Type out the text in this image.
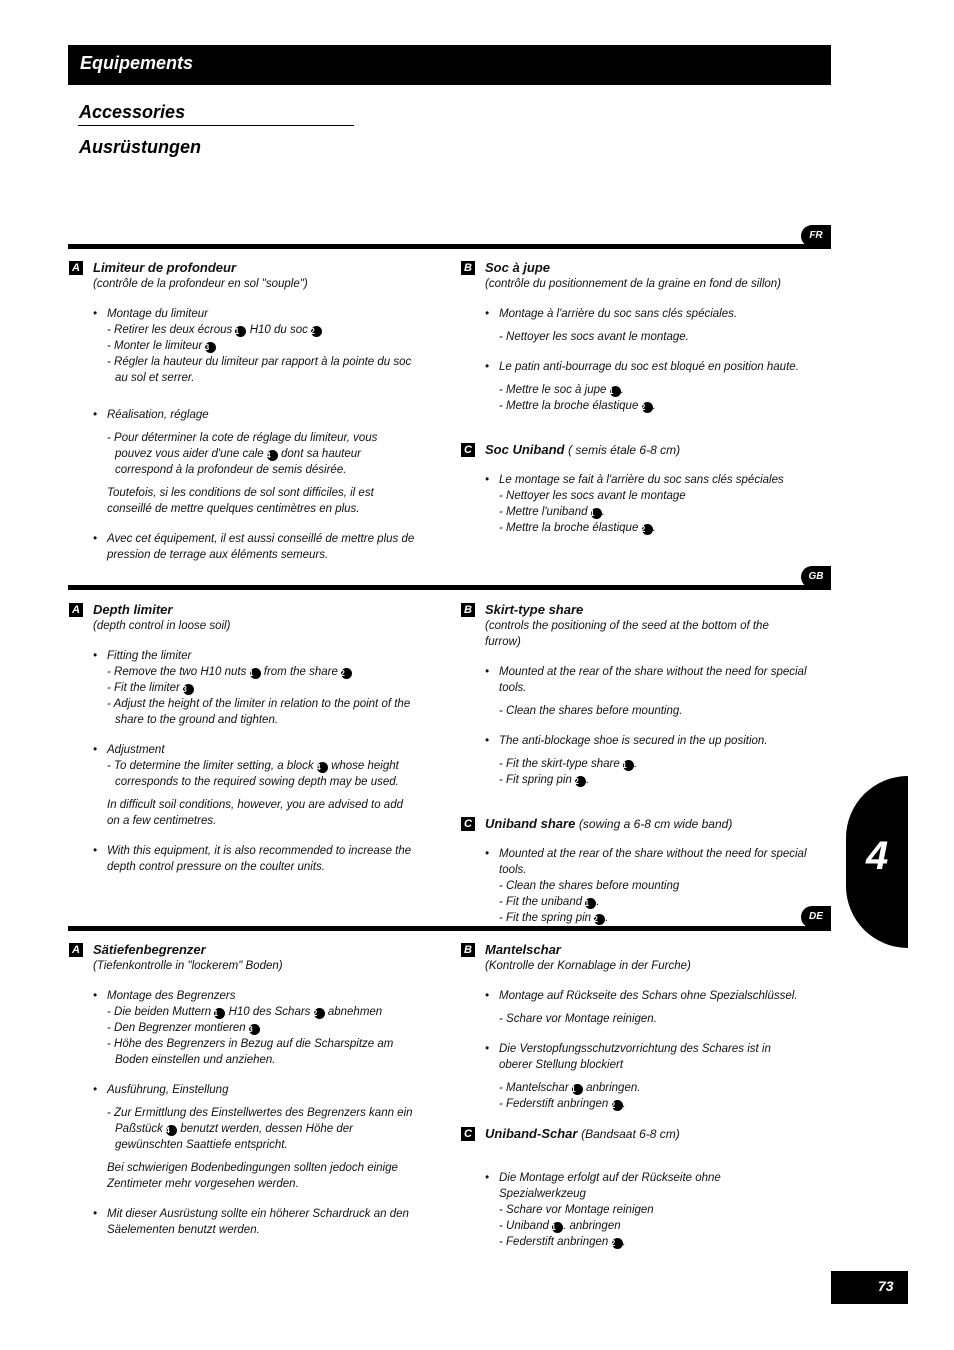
Equipements
Accessories
Ausrüstungen
FR
A Limiteur de profondeur
(contrôle de la profondeur en sol "souple")
• Montage du limiteur
- Retirer les deux écrous 1 H10 du soc 2
- Monter le limiteur 3
- Régler la hauteur du limiteur par rapport à la pointe du soc au sol et serrer.
• Réalisation, réglage
- Pour déterminer la cote de réglage du limiteur, vous pouvez vous aider d'une cale 4 dont sa hauteur correspond à la profondeur de semis désirée.
Toutefois, si les conditions de sol sont difficiles, il est conseillé de mettre quelques centimètres en plus.
• Avec cet équipement, il est aussi conseillé de mettre plus de pression de terrage aux éléments semeurs.
B Soc à jupe
(contrôle du positionnement de la graine en fond de sillon)
• Montage à l'arrière du soc sans clés spéciales.
- Nettoyer les socs avant le montage.
• Le patin anti-bourrage du soc est bloqué en position haute.
- Mettre le soc à jupe 1 .
- Mettre la broche élastique 2 .
C Soc Uniband ( semis étale 6-8 cm)
• Le montage se fait à l'arrière du soc sans clés spéciales
- Nettoyer les socs avant le montage
- Mettre l'uniband 1 .
- Mettre la broche élastique 2 .
GB
A Depth limiter
(depth control in loose soil)
• Fitting the limiter
- Remove the two H10 nuts 1 from the share 2
- Fit the limiter 3
- Adjust the height of the limiter in relation to the point of the share to the ground and tighten.
• Adjustment
- To determine the limiter setting, a block 4 whose height corresponds to the required sowing depth may be used.
In difficult soil conditions, however, you are advised to add on a few centimetres.
• With this equipment, it is also recommended to increase the depth control pressure on the coulter units.
B Skirt-type share
(controls the positioning of the seed at the bottom of the furrow)
• Mounted at the rear of the share without the need for special tools.
- Clean the shares before mounting.
• The anti-blockage shoe is secured in the up position.
- Fit the skirt-type share 1 .
- Fit spring pin 2 .
C Uniband share (sowing a 6-8 cm wide band)
• Mounted at the rear of the share without the need for special tools.
- Clean the shares before mounting
- Fit the uniband 1 .
- Fit the spring pin 2 .	DE
A Sätiefenbegrenzer
(Tiefenkontrolle in "lockerem" Boden)
• Montage des Begrenzers
- Die beiden Muttern 1 H10 des Schars 2 abnehmen
- Den Begrenzer montieren 3
- Höhe des Begrenzers in Bezug auf die Scharspitze am Boden einstellen und anziehen.
• Ausführung, Einstellung
- Zur Ermittlung des Einstellwertes des Begrenzers kann ein Paßstück 4 benutzt werden, dessen Höhe der gewünschten Saattiefe entspricht.
Bei schwierigen Bodenbedingungen sollten jedoch einige Zentimeter mehr vorgesehen werden.
• Mit dieser Ausrüstung sollte ein höherer Schardruck an den Säelementen benutzt werden.
B Mantelschar
(Kontrolle der Kornablage in der Furche)
• Montage auf Rückseite des Schars ohne Spezialschlüssel.
- Schare vor Montage reinigen.
• Die Verstopfungsschutzvorrichtung des Schares ist in oberer Stellung blockiert
- Mantelschar 1 anbringen.
- Federstift anbringen 2 .
C Uniband-Schar (Bandsaat 6-8 cm)
• Die Montage erfolgt auf der Rückseite ohne Spezialwerkzeug
- Schare vor Montage reinigen
- Uniband 1 . anbringen
- Federstift anbringen 2 .
4
73
